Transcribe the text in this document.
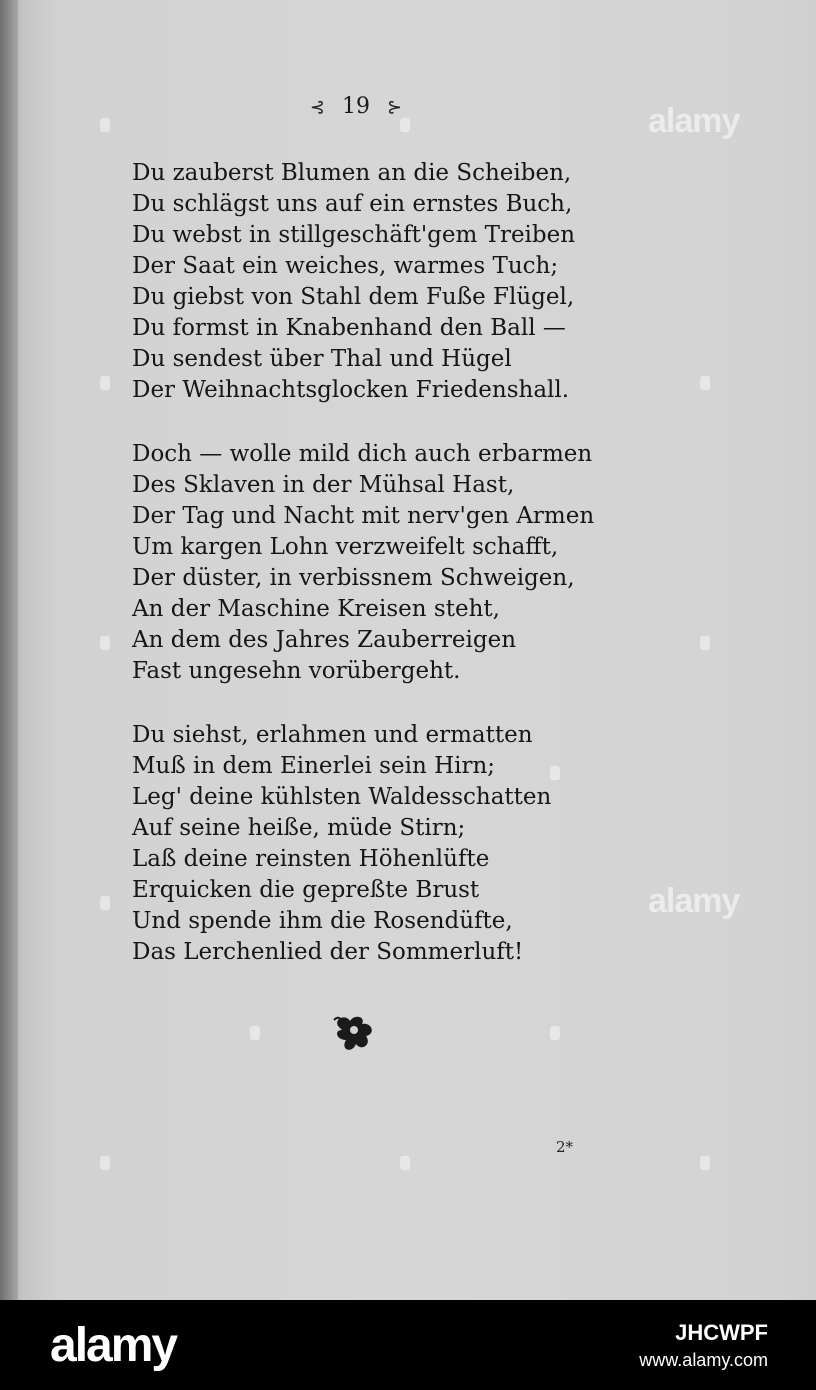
⊰ 19 ⊱
Du zauberst Blumen an die Scheiben,
Du schlägst uns auf ein ernstes Buch,
Du webst in stillgeschäft'gem Treiben
Der Saat ein weiches, warmes Tuch;
Du giebst von Stahl dem Fuße Flügel,
Du formst in Knabenhand den Ball —
Du sendest über Thal und Hügel
Der Weihnachtsglocken Friedenshall.
Doch — wolle mild dich auch erbarmen
Des Sklaven in der Mühsal Hast,
Der Tag und Nacht mit nerv'gen Armen
Um kargen Lohn verzweifelt schafft,
Der düster, in verbissnem Schweigen,
An der Maschine Kreisen steht,
An dem des Jahres Zauberreigen
Fast ungesehn vorübergeht.
Du siehst, erlahmen und ermatten
Muß in dem Einerlei sein Hirn;
Leg' deine kühlsten Waldesschatten
Auf seine heiße, müde Stirn;
Laß deine reinsten Höhenlüfte
Erquicken die gepreßte Brust
Und spende ihm die Rosendüfte,
Das Lerchenlied der Sommerluft!
2*
alamy
alamy
alamy	JHCWPF
www.alamy.com
